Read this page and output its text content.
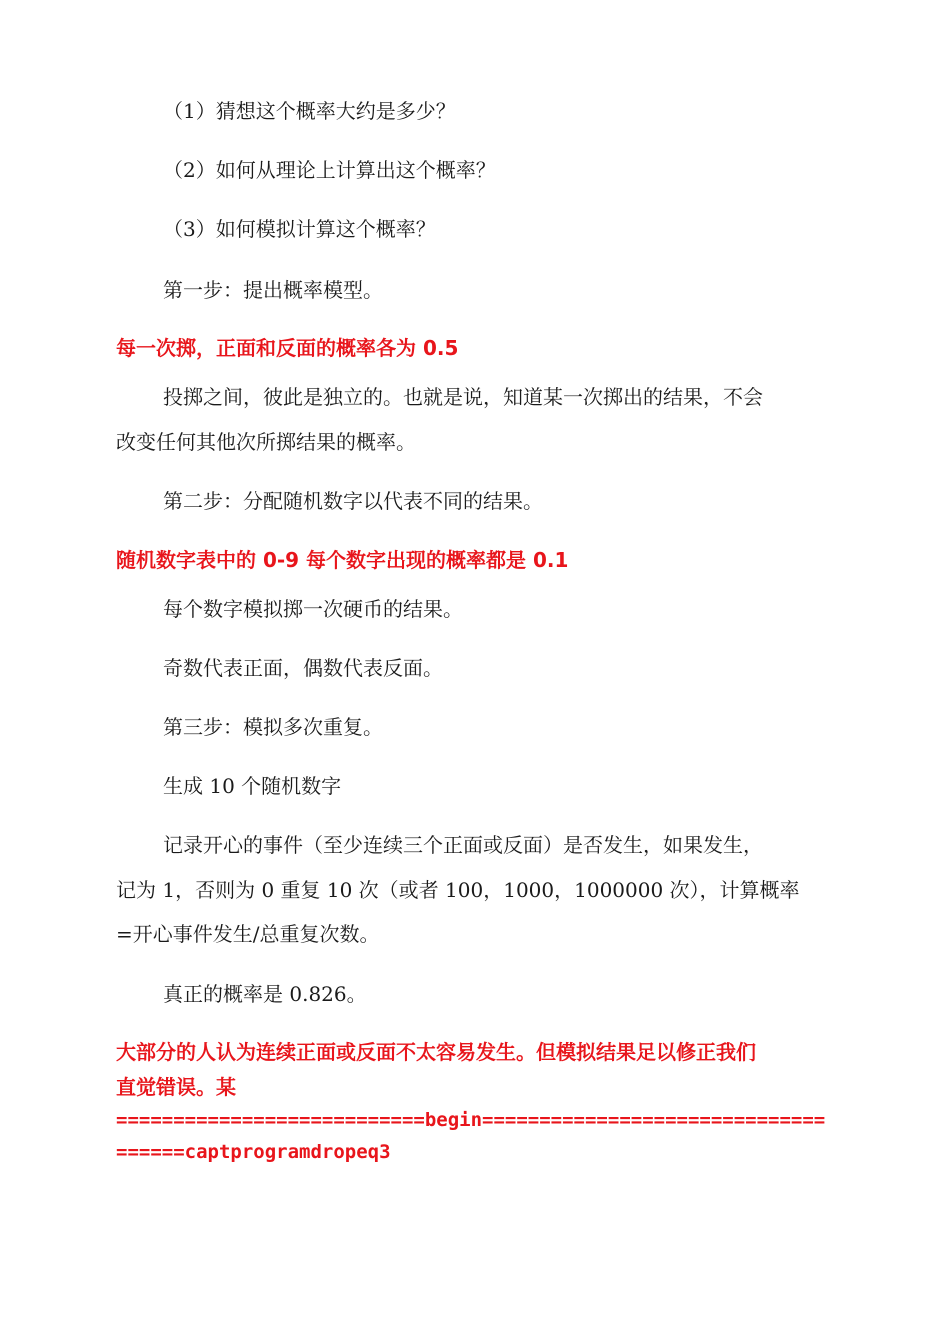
（1）猜想这个概率大约是多少？
（2）如何从理论上计算出这个概率？
（3）如何模拟计算这个概率？
第一步：提出概率模型。
每一次掷，正面和反面的概率各为 0.5
投掷之间，彼此是独立的。也就是说，知道某一次掷出的结果，不会
改变任何其他次所掷结果的概率。
第二步：分配随机数字以代表不同的结果。
随机数字表中的 0-9 每个数字出现的概率都是 0.1
每个数字模拟掷一次硬币的结果。
奇数代表正面，偶数代表反面。
第三步：模拟多次重复。
生成 10 个随机数字
记录开心的事件（至少连续三个正面或反面）是否发生，如果发生，
记为 1，否则为 0 重复 10 次（或者 100，1000，1000000 次），计算概率
=开心事件发生/总重复次数。
真正的概率是 0.826。
大部分的人认为连续正面或反面不太容易发生。但模拟结果足以修正我们
直觉错误。某
===========================begin==============================
======captprogramdropeq3
